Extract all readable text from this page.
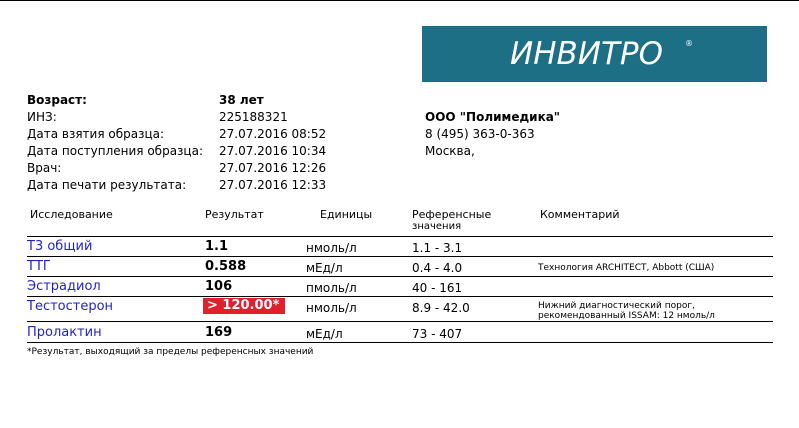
ИНВИТРО	®
Возраст:	38 лет
ИНЗ:	225188321
Дата взятия образца:	27.07.2016 08:52
Дата поступления образца: 27.07.2016 10:34
Врач:	27.07.2016 12:26
Дата печати результата:	27.07.2016 12:33
ООО "Полимедика"
8 (495) 363-0-363
Москва,
Исследование	Результат	Единицы	Референсные
значения
Комментарий
Т3 общий	1.1	нмоль/л	1.1 - 3.1
ТТГ	0.588	мЕд/л	0.4 - 4.0	Технология ARCHITECT, Abbott (США)
Эстрадиол	106	пмоль/л	40 - 161
Тестостерон	> 120.00*	нмоль/л	8.9 - 42.0	Нижний диагностический порог,
рекомендованный ISSAM: 12 нмоль/л
Пролактин	169	мЕд/л	73 - 407
*Результат, выходящий за пределы референсных значений
